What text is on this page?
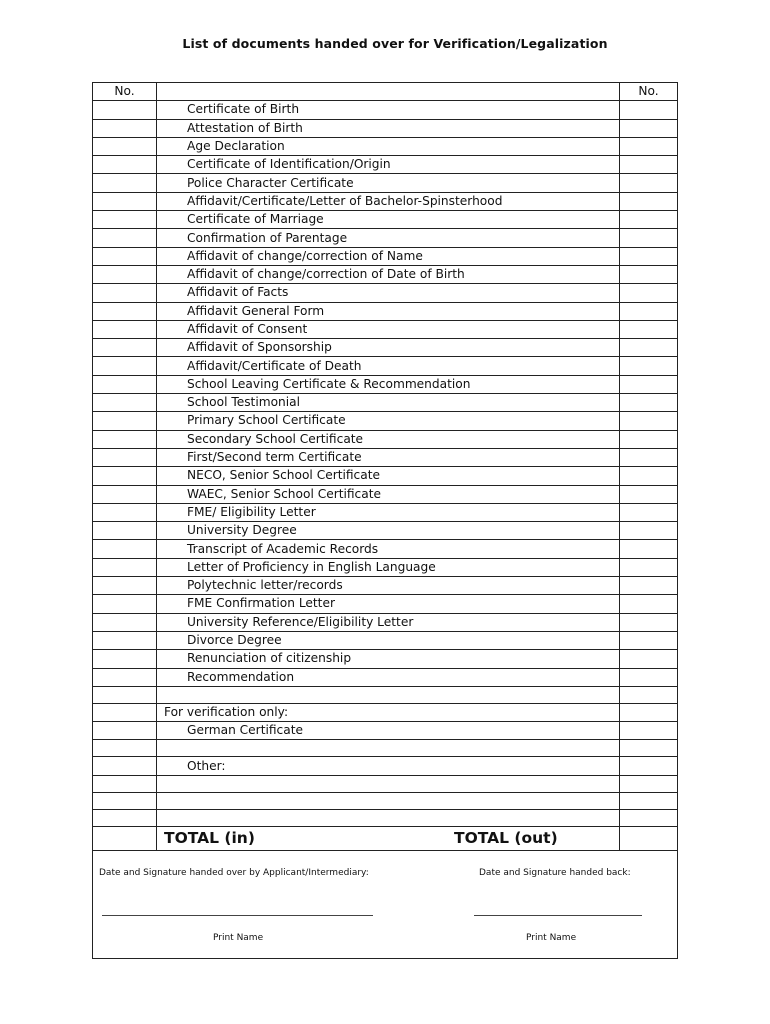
List of documents handed over for Verification/Legalization
No.		No.
	Certificate of Birth	
	Attestation of Birth	
	Age Declaration	
	Certificate of Identification/Origin	
	Police Character Certificate	
	Affidavit/Certificate/Letter of Bachelor-Spinsterhood	
	Certificate of Marriage	
	Confirmation of Parentage	
	Affidavit of change/correction of Name	
	Affidavit of change/correction of Date of Birth	
	Affidavit of Facts	
	Affidavit General Form	
	Affidavit of Consent	
	Affidavit of Sponsorship	
	Affidavit/Certificate of Death	
	School Leaving Certificate & Recommendation	
	School Testimonial	
	Primary School Certificate	
	Secondary School Certificate	
	First/Second term Certificate	
	NECO, Senior School Certificate	
	WAEC, Senior School Certificate	
	FME/ Eligibility Letter	
	University Degree	
	Transcript of Academic Records	
	Letter of Proficiency in English Language	
	Polytechnic letter/records	
	FME Confirmation Letter	
	University Reference/Eligibility Letter	
	Divorce Degree	
	Renunciation of citizenship	
	Recommendation	

	For verification only:	
	German Certificate	

	Other:	

	TOTAL (in) TOTAL (out)	
Date and Signature handed over by Applicant/Intermediary:	Date and Signature handed back:
Print Name	Print Name
